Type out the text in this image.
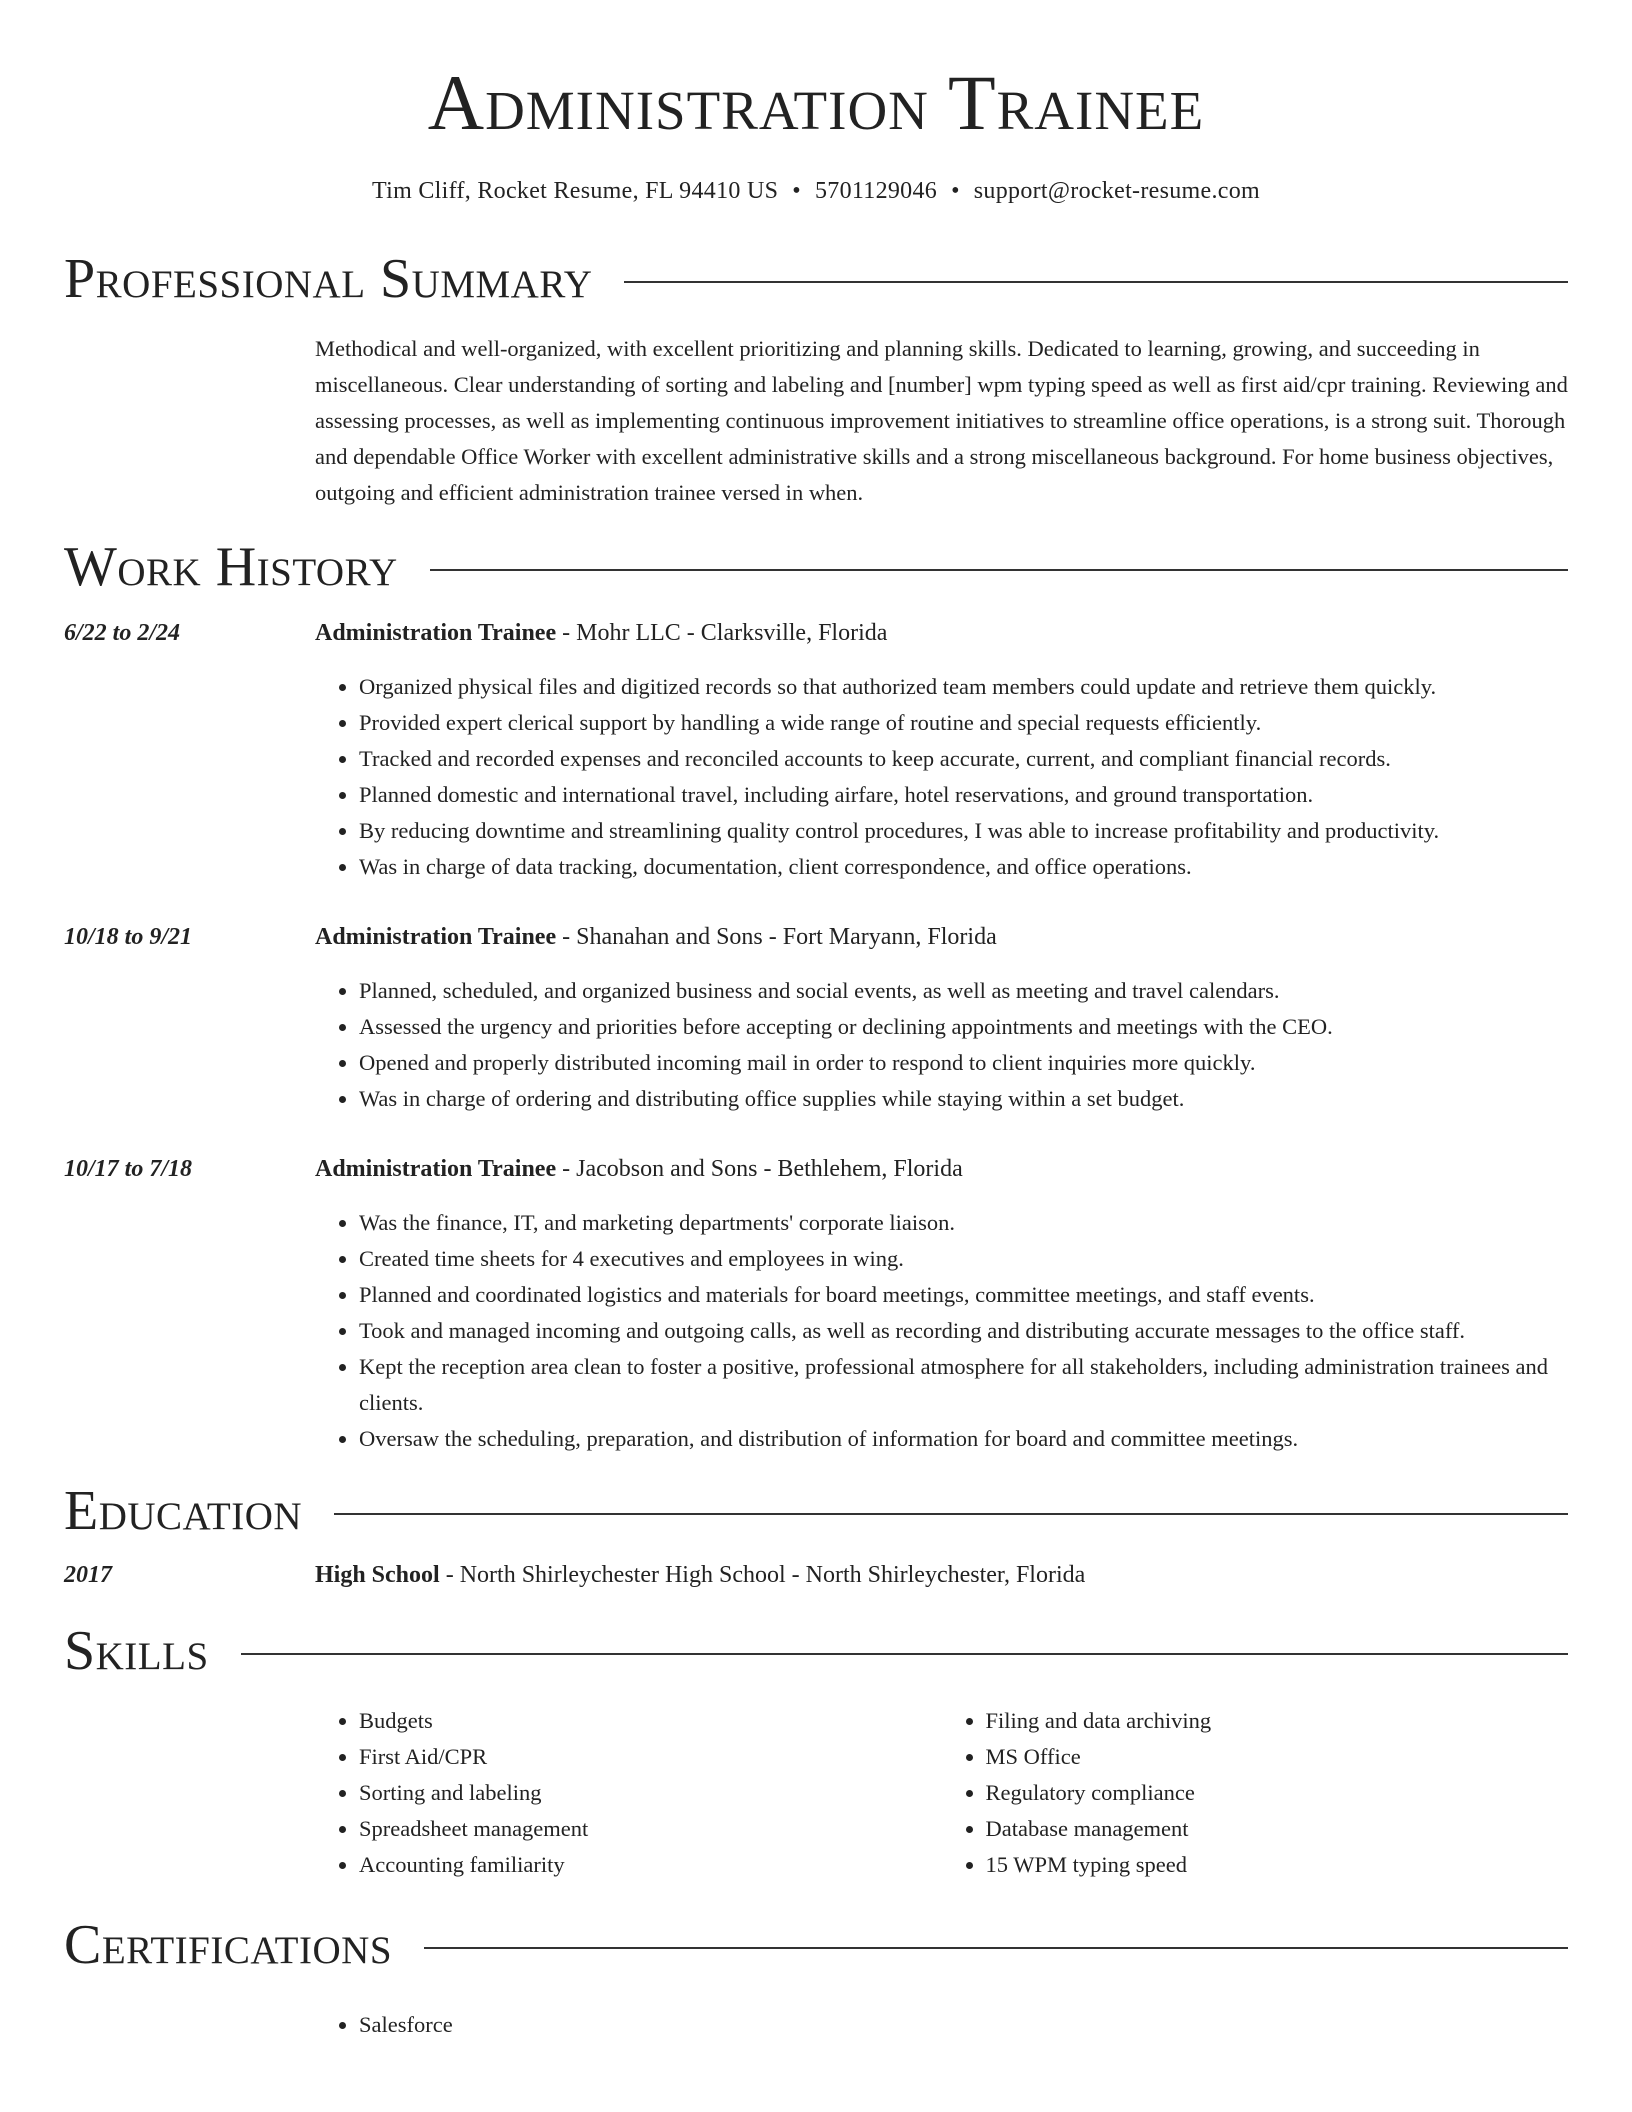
Administration Trainee
Tim Cliff, Rocket Resume, FL 94410 US • 5701129046 • support@rocket-resume.com
Professional Summary
Methodical and well-organized, with excellent prioritizing and planning skills. Dedicated to learning, growing, and succeeding in miscellaneous. Clear understanding of sorting and labeling and [number] wpm typing speed as well as first aid/cpr training. Reviewing and assessing processes, as well as implementing continuous improvement initiatives to streamline office operations, is a strong suit. Thorough and dependable Office Worker with excellent administrative skills and a strong miscellaneous background. For home business objectives, outgoing and efficient administration trainee versed in when.
Work History
6/22 to 2/24	Administration Trainee - Mohr LLC - Clarksville, Florida
• Organized physical files and digitized records so that authorized team members could update and retrieve them quickly.
• Provided expert clerical support by handling a wide range of routine and special requests efficiently.
• Tracked and recorded expenses and reconciled accounts to keep accurate, current, and compliant financial records.
• Planned domestic and international travel, including airfare, hotel reservations, and ground transportation.
• By reducing downtime and streamlining quality control procedures, I was able to increase profitability and productivity.
• Was in charge of data tracking, documentation, client correspondence, and office operations.
10/18 to 9/21	Administration Trainee - Shanahan and Sons - Fort Maryann, Florida
• Planned, scheduled, and organized business and social events, as well as meeting and travel calendars.
• Assessed the urgency and priorities before accepting or declining appointments and meetings with the CEO.
• Opened and properly distributed incoming mail in order to respond to client inquiries more quickly.
• Was in charge of ordering and distributing office supplies while staying within a set budget.
10/17 to 7/18	Administration Trainee - Jacobson and Sons - Bethlehem, Florida
• Was the finance, IT, and marketing departments' corporate liaison.
• Created time sheets for 4 executives and employees in wing.
• Planned and coordinated logistics and materials for board meetings, committee meetings, and staff events.
• Took and managed incoming and outgoing calls, as well as recording and distributing accurate messages to the office staff.
• Kept the reception area clean to foster a positive, professional atmosphere for all stakeholders, including administration trainees and clients.
• Oversaw the scheduling, preparation, and distribution of information for board and committee meetings.
Education
2017	High School - North Shirleychester High School - North Shirleychester, Florida
Skills
• Budgets
• First Aid/CPR
• Sorting and labeling
• Spreadsheet management
• Accounting familiarity
• Filing and data archiving
• MS Office
• Regulatory compliance
• Database management
• 15 WPM typing speed
Certifications
• Salesforce
